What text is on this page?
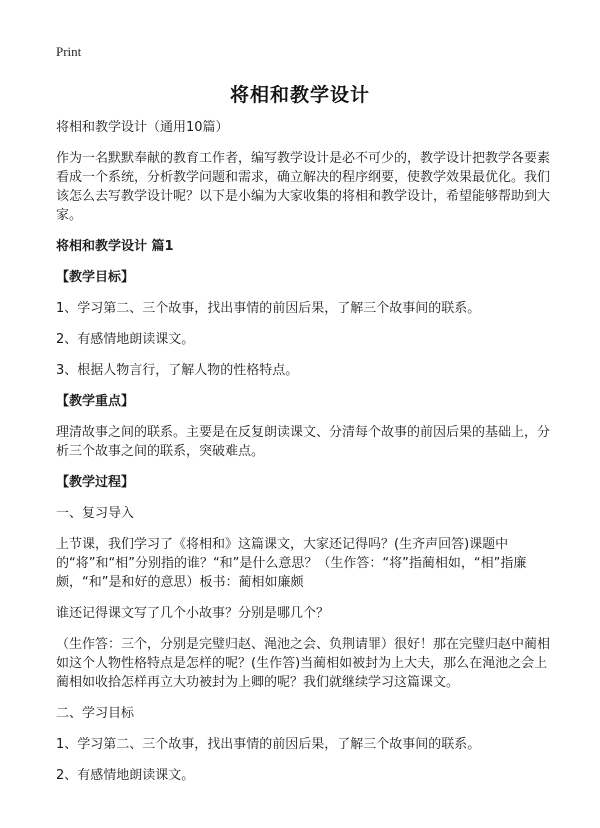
Print
将相和教学设计

将相和教学设计（通用10篇）

作为一名默默奉献的教育工作者，编写教学设计是必不可少的，教学设计把教学各要素看成一个系统，分析教学问题和需求，确立解决的程序纲要，使教学效果最优化。我们该怎么去写教学设计呢？以下是小编为大家收集的将相和教学设计，希望能够帮助到大家。

将相和教学设计 篇1

【教学目标】

1、学习第二、三个故事，找出事情的前因后果，了解三个故事间的联系。

2、有感情地朗读课文。

3、根据人物言行，了解人物的性格特点。

【教学重点】

理清故事之间的联系。主要是在反复朗读课文、分清每个故事的前因后果的基础上，分析三个故事之间的联系，突破难点。

【教学过程】

一、复习导入

上节课，我们学习了《将相和》这篇课文，大家还记得吗？(生齐声回答)课题中的“将”和“相”分别指的谁？“和”是什么意思？（生作答：“将”指蔺相如，“相”指廉颇，“和”是和好的意思）板书：蔺相如廉颇

谁还记得课文写了几个小故事？分别是哪几个？

（生作答：三个，分别是完璧归赵、渑池之会、负荆请罪）很好！那在完璧归赵中蔺相如这个人物性格特点是怎样的呢？(生作答)当蔺相如被封为上大夫，那么在渑池之会上蔺相如收拾怎样再立大功被封为上卿的呢？我们就继续学习这篇课文。

二、学习目标

1、学习第二、三个故事，找出事情的前因后果，了解三个故事间的联系。

2、有感情地朗读课文。
